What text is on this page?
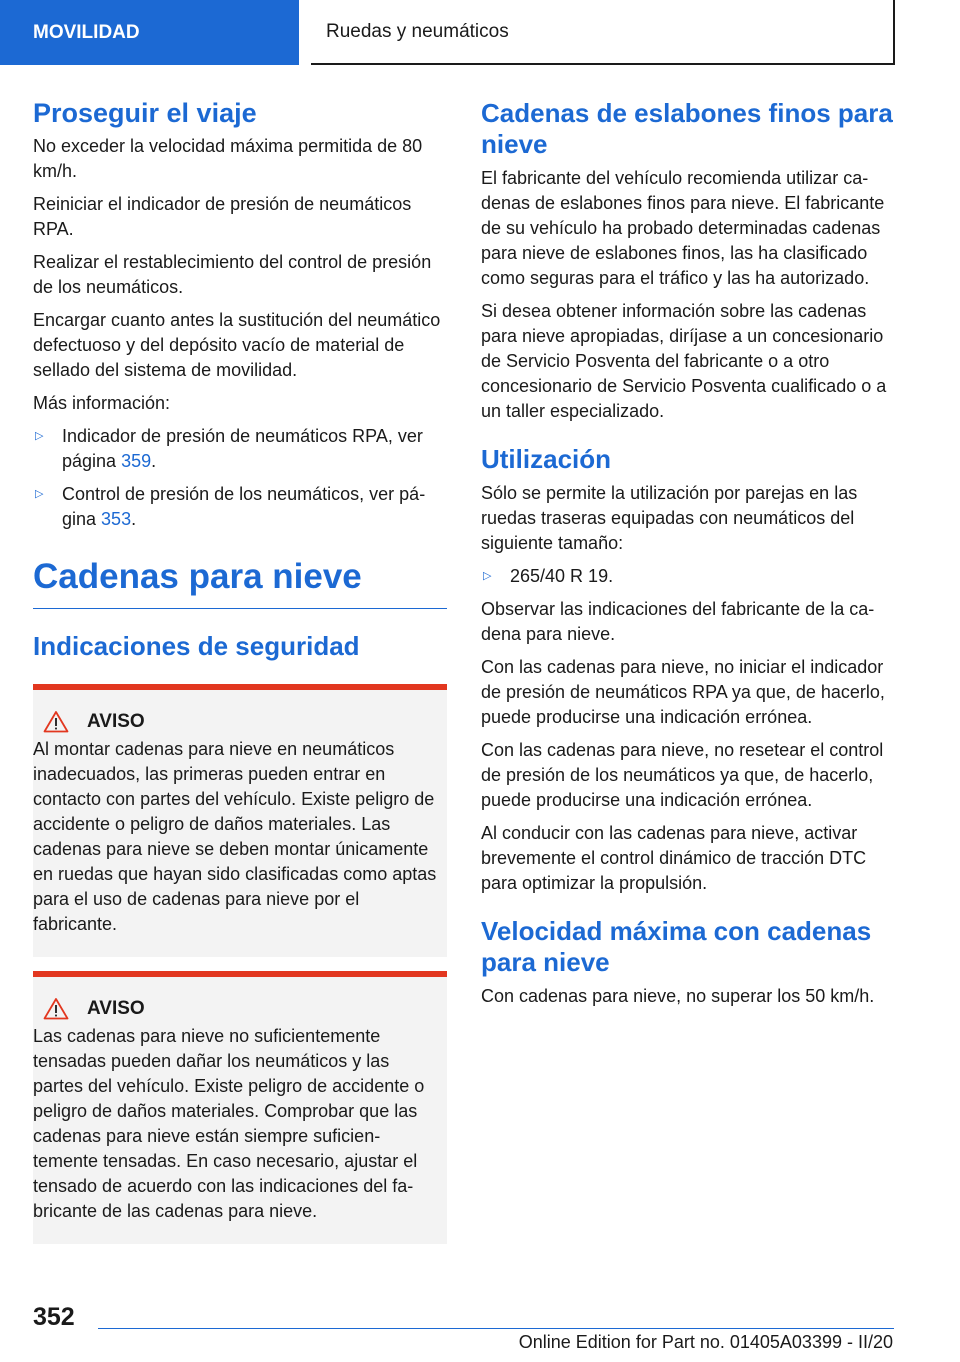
MOVILIDAD	Ruedas y neumáticos
Proseguir el viaje

No exceder la velocidad máxima permitida de 80 km/h.

Reiniciar el indicador de presión de neumáticos RPA.

Realizar el restablecimiento del control de presión de los neumáticos.

Encargar cuanto antes la sustitución del neumático defectuoso y del depósito vacío de material de sellado del sistema de movilidad.

Más información:

▷ Indicador de presión de neumáticos RPA, ver página 359.
▷ Control de presión de los neumáticos, ver página 353.
Cadenas para nieve
Indicaciones de seguridad
AVISO

Al montar cadenas para nieve en neumáticos inadecuados, las primeras pueden entrar en contacto con partes del vehículo. Existe peligro de accidente o peligro de daños materiales. Las cadenas para nieve se deben montar únicamente en ruedas que hayan sido clasificadas como aptas para el uso de cadenas para nieve por el fabricante.

AVISO

Las cadenas para nieve no suficientemente tensadas pueden dañar los neumáticos y las partes del vehículo. Existe peligro de accidente o peligro de daños materiales. Comprobar que las cadenas para nieve están siempre suficientemente tensadas. En caso necesario, ajustar el tensado de acuerdo con las indicaciones del fabricante de las cadenas para nieve.

Cadenas de eslabones finos para nieve

El fabricante del vehículo recomienda utilizar cadenas de eslabones finos para nieve. El fabricante de su vehículo ha probado determinadas cadenas para nieve de eslabones finos, las ha clasificado como seguras para el tráfico y las ha autorizado.

Si desea obtener información sobre las cadenas para nieve apropiadas, diríjase a un concesionario de Servicio Posventa del fabricante o a otro concesionario de Servicio Posventa cualificado o a un taller especializado.

Utilización

Sólo se permite la utilización por parejas en las ruedas traseras equipadas con neumáticos del siguiente tamaño:

▷ 265/40 R 19.

Observar las indicaciones del fabricante de la cadena para nieve.

Con las cadenas para nieve, no iniciar el indicador de presión de neumáticos RPA ya que, de hacerlo, puede producirse una indicación errónea.

Con las cadenas para nieve, no resetear el control de presión de los neumáticos ya que, de hacerlo, puede producirse una indicación errónea.

Al conducir con las cadenas para nieve, activar brevemente el control dinámico de tracción DTC para optimizar la propulsión.

Velocidad máxima con cadenas para nieve

Con cadenas para nieve, no superar los 50 km/h.

352
Online Edition for Part no. 01405A03399 - II/20
